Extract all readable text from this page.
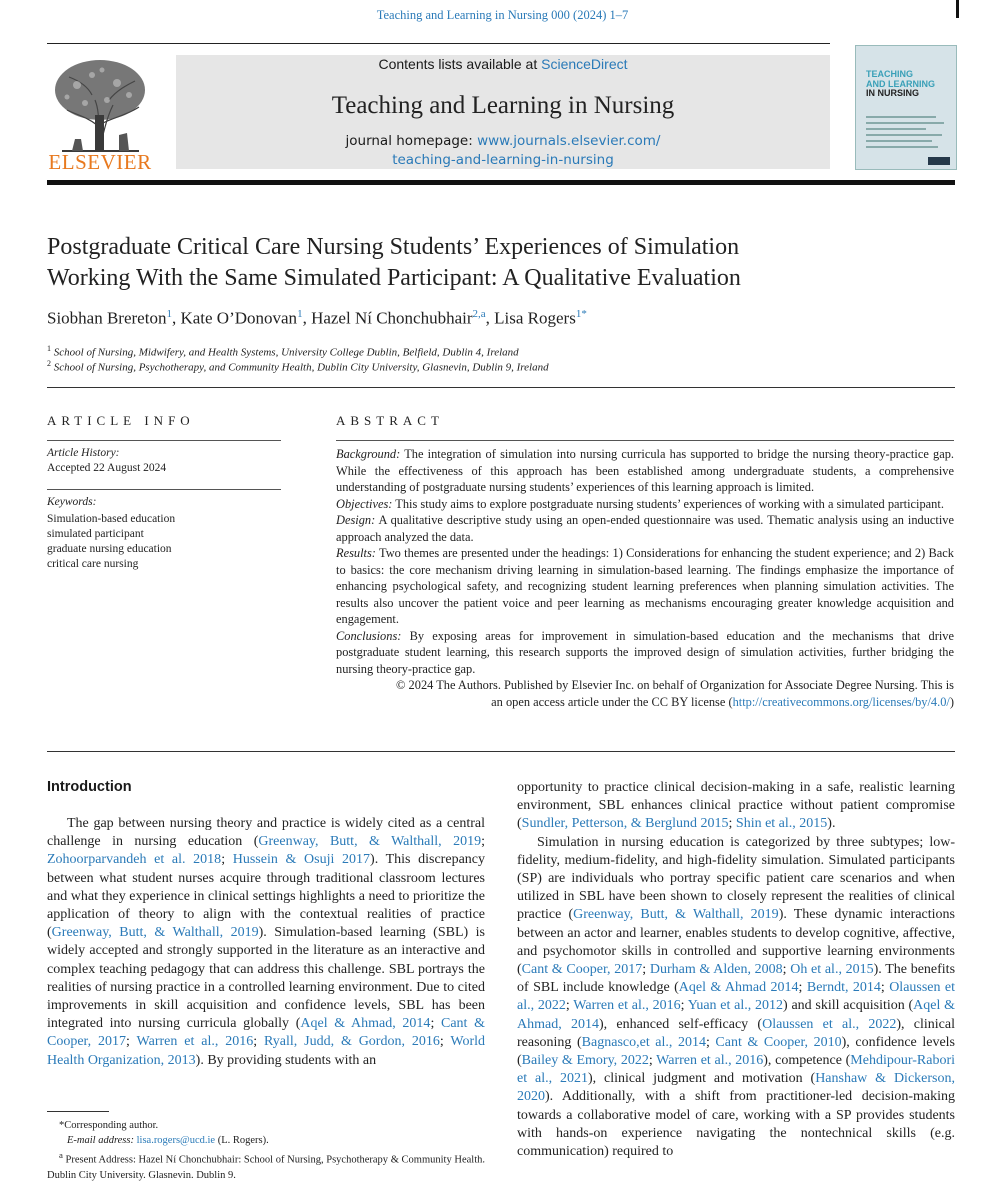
Teaching and Learning in Nursing 000 (2024) 1–7
ELSEVIER
Contents lists available at ScienceDirect
Teaching and Learning in Nursing
journal homepage: www.journals.elsevier.com/
teaching-and-learning-in-nursing
TEACHING
AND LEARNING
IN NURSING
Postgraduate Critical Care Nursing Students’ Experiences of Simulation
Working With the Same Simulated Participant: A Qualitative Evaluation
Siobhan Brereton$^1$, Kate O’Donovan$^1$, Hazel Ní Chonchubhair$^{2,a}$, Lisa Rogers$^{1*}$
$^1$ School of Nursing, Midwifery, and Health Systems, University College Dublin, Belfield, Dublin 4, Ireland
$^2$ School of Nursing, Psychotherapy, and Community Health, Dublin City University, Glasnevin, Dublin 9, Ireland
ARTICLE INFO
Article History:
Accepted 22 August 2024
Keywords:

Simulation-based education
simulated participant
graduate nursing education
critical care nursing
ABSTRACT

Background: The integration of simulation into nursing curricula has supported to bridge the nursing theory-practice gap. While the effectiveness of this approach has been established among undergraduate students, a comprehensive understanding of postgraduate nursing students’ experiences of this learning approach is limited.

Objectives: This study aims to explore postgraduate nursing students’ experiences of working with a simulated participant.

Design: A qualitative descriptive study using an open-ended questionnaire was used. Thematic analysis using an inductive approach analyzed the data.

Results: Two themes are presented under the headings: 1) Considerations for enhancing the student experience; and 2) Back to basics: the core mechanism driving learning in simulation-based learning. The findings emphasize the importance of enhancing psychological safety, and recognizing student learning preferences when planning simulation activities. The results also uncover the patient voice and peer learning as mechanisms encouraging greater knowledge acquisition and engagement.

Conclusions: By exposing areas for improvement in simulation-based education and the mechanisms that drive postgraduate student learning, this research supports the improved design of simulation activities, further bridging the nursing theory-practice gap.

© 2024 The Authors. Published by Elsevier Inc. on behalf of Organization for Associate Degree Nursing. This is
an open access article under the CC BY license (http://creativecommons.org/licenses/by/4.0/)

Introduction

The gap between nursing theory and practice is widely cited as a central challenge in nursing education (Greenway, Butt, & Walthall, 2019; Zohoorparvandeh et al. 2018; Hussein & Osuji 2017). This discrepancy between what student nurses acquire through traditional classroom lectures and what they experience in clinical settings highlights a need to prioritize the application of theory to align with the contextual realities of practice (Greenway, Butt, & Walthall, 2019). Simulation-based learning (SBL) is widely accepted and strongly supported in the literature as an interactive and complex teaching pedagogy that can address this challenge. SBL portrays the realities of nursing practice in a controlled learning environment. Due to cited improvements in skill acquisition and confidence levels, SBL has been integrated into nursing curricula globally (Aqel & Ahmad, 2014; Cant & Cooper, 2017; Warren et al., 2016; Ryall, Judd, & Gordon, 2016; World Health Organization, 2013). By providing students with an

opportunity to practice clinical decision-making in a safe, realistic learning environment, SBL enhances clinical practice without patient compromise (Sundler, Petterson, & Berglund 2015; Shin et al., 2015).

Simulation in nursing education is categorized by three subtypes; low-fidelity, medium-fidelity, and high-fidelity simulation. Simulated participants (SP) are individuals who portray specific patient care scenarios and when utilized in SBL have been shown to closely represent the realities of clinical practice (Greenway, Butt, & Walthall, 2019). These dynamic interactions between an actor and learner, enables students to develop cognitive, affective, and psychomotor skills in controlled and supportive learning environments (Cant & Cooper, 2017; Durham & Alden, 2008; Oh et al., 2015). The benefits of SBL include knowledge (Aqel & Ahmad 2014; Berndt, 2014; Olaussen et al., 2022; Warren et al., 2016; Yuan et al., 2012) and skill acquisition (Aqel & Ahmad, 2014), enhanced self-efficacy (Olaussen et al., 2022), clinical reasoning (Bagnasco,et al., 2014; Cant & Cooper, 2010), confidence levels (Bailey & Emory, 2022; Warren et al., 2016), competence (Mehdipour-Rabori et al., 2021), clinical judgment and motivation (Hanshaw & Dickerson, 2020). Additionally, with a shift from practitioner-led decision-making towards a collaborative model of care, working with a SP provides students with hands-on experience navigating the nontechnical skills (e.g. communication) required to

*Corresponding author.

E-mail address: lisa.rogers@ucd.ie (L. Rogers).

$^a$ Present Address: Hazel Ní Chonchubhair: School of Nursing, Psychotherapy & Community Health. Dublin City University. Glasnevin. Dublin 9.
